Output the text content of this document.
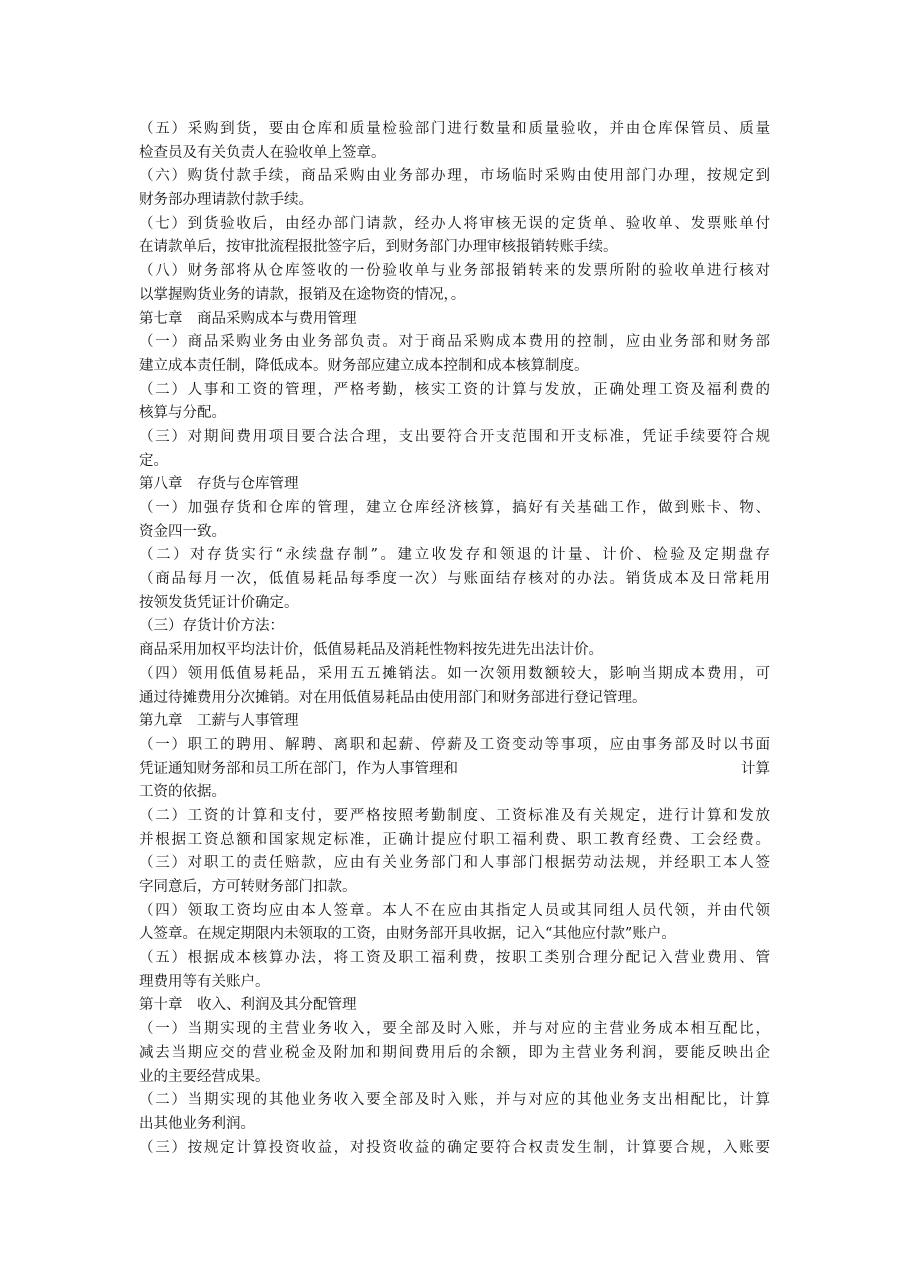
（五）采购到货，要由仓库和质量检验部门进行数量和质量验收，并由仓库保管员、质量
检查员及有关负责人在验收单上签章。
（六）购货付款手续，商品采购由业务部办理，市场临时采购由使用部门办理，按规定到
财务部办理请款付款手续。
（七）到货验收后，由经办部门请款，经办人将审核无误的定货单、验收单、发票账单付
在请款单后，按审批流程报批签字后，到财务部门办理审核报销转账手续。
（八）财务部将从仓库签收的一份验收单与业务部报销转来的发票所附的验收单进行核对
以掌握购货业务的请款，报销及在途物资的情况，。
第七章　商品采购成本与费用管理
（一）商品采购业务由业务部负责。对于商品采购成本费用的控制，应由业务部和财务部
建立成本责任制，降低成本。财务部应建立成本控制和成本核算制度。
（二）人事和工资的管理，严格考勤，核实工资的计算与发放，正确处理工资及福利费的
核算与分配。
（三）对期间费用项目要合法合理，支出要符合开支范围和开支标准，凭证手续要符合规
定。
第八章　存货与仓库管理
（一）加强存货和仓库的管理，建立仓库经济核算，搞好有关基础工作，做到账卡、物、
资金四一致。
（二）对存货实行“永续盘存制”。建立收发存和领退的计量、计价、检验及定期盘存
（商品每月一次，低值易耗品每季度一次）与账面结存核对的办法。销货成本及日常耗用
按领发货凭证计价确定。
（三）存货计价方法：
商品采用加权平均法计价，低值易耗品及消耗性物料按先进先出法计价。
（四）领用低值易耗品，采用五五摊销法。如一次领用数额较大，影响当期成本费用，可
通过待摊费用分次摊销。对在用低值易耗品由使用部门和财务部进行登记管理。
第九章　工薪与人事管理
（一）职工的聘用、解聘、离职和起薪、停薪及工资变动等事项，应由事务部及时以书面
凭证通知财务部和员工所在部门，作为人事管理和	计算
工资的依据。
（二）工资的计算和支付，要严格按照考勤制度、工资标准及有关规定，进行计算和发放
并根据工资总额和国家规定标准，正确计提应付职工福利费、职工教育经费、工会经费。
（三）对职工的责任赔款，应由有关业务部门和人事部门根据劳动法规，并经职工本人签
字同意后，方可转财务部门扣款。
（四）领取工资均应由本人签章。本人不在应由其指定人员或其同组人员代领，并由代领
人签章。在规定期限内未领取的工资，由财务部开具收据，记入“其他应付款”账户。
（五）根据成本核算办法，将工资及职工福利费，按职工类别合理分配记入营业费用、管
理费用等有关账户。
第十章　收入、利润及其分配管理
（一）当期实现的主营业务收入，要全部及时入账，并与对应的主营业务成本相互配比，
减去当期应交的营业税金及附加和期间费用后的余额，即为主营业务利润，要能反映出企
业的主要经营成果。
（二）当期实现的其他业务收入要全部及时入账，并与对应的其他业务支出相配比，计算
出其他业务利润。
（三）按规定计算投资收益，对投资收益的确定要符合权责发生制，计算要合规，入账要
